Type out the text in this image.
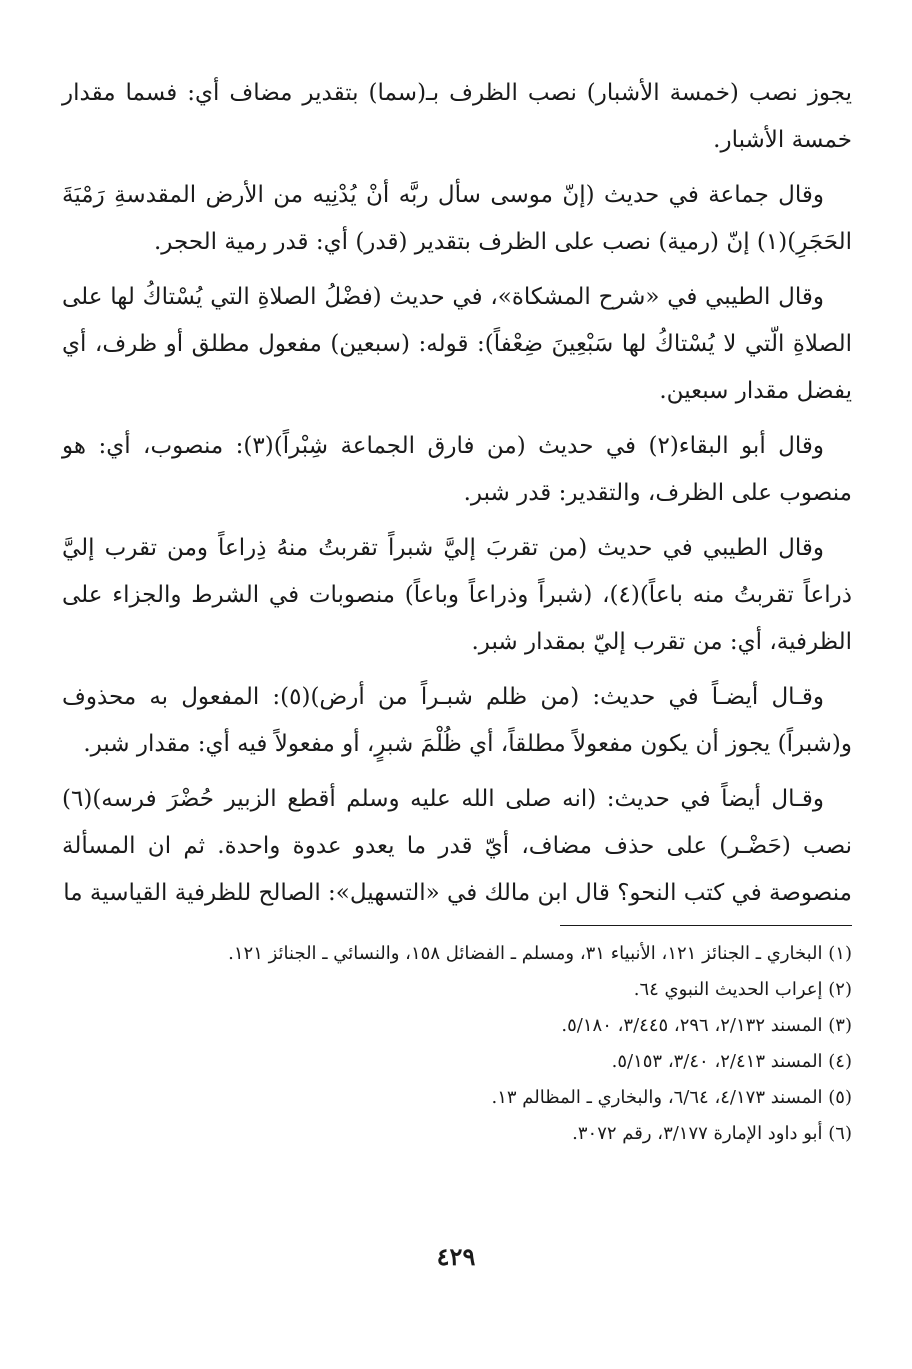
يجوز نصب (خمسة الأشبار) نصب الظرف بـ(سما) بتقدير مضاف أي: فسما مقدار خمسة الأشبار.

وقال جماعة في حديث (إنّ موسى سأل ربَّه أنْ يُدْنِيه من الأرض المقدسةِ رَمْيَةَ الحَجَرِ)(١) إنّ (رمية) نصب على الظرف بتقدير (قدر) أي: قدر رمية الحجر.

وقال الطيبي في «شرح المشكاة»، في حديث (فضْلُ الصلاةِ التي يُسْتاكُ لها على الصلاةِ الّتي لا يُسْتاكُ لها سَبْعِينَ ضِعْفاً): قوله: (سبعين) مفعول مطلق أو ظرف، أي يفضل مقدار سبعين.

وقال أبو البقاء(٢) في حديث (من فارق الجماعة شِبْراً)(٣): منصوب، أي: هو منصوب على الظرف، والتقدير: قدر شبر.

وقال الطيبي في حديث (من تقربَ إليَّ شبراً تقربتُ منهُ ذِراعاً ومن تقرب إليَّ ذراعاً تقربتُ منه باعاً)(٤)، (شبراً وذراعاً وباعاً) منصوبات في الشرط والجزاء على الظرفية، أي: من تقرب إليّ بمقدار شبر.

وقـال أيضـاً في حديث: (من ظلم شبـراً من أرض)(٥): المفعول به محذوف و(شبراً) يجوز أن يكون مفعولاً مطلقاً، أي ظُلْمَ شبرٍ، أو مفعولاً فيه أي: مقدار شبر.

وقـال أيضاً في حديث: (انه صلى الله عليه وسلم أقطع الزبير حُضْرَ فرسه)(٦) نصب (حَضْـر) على حذف مضاف، أيّ قدر ما يعدو عدوة واحدة. ثم ان المسألة منصوصة في كتب النحو؟ قال ابن مالك في «التسهيل»: الصالح للظرفية القياسية ما

(١) البخاري ـ الجنائز ١٢١، الأنبياء ٣١، ومسلم ـ الفضائل ١٥٨، والنسائي ـ الجنائز ١٢١.
(٢) إعراب الحديث النبوي ٦٤.
(٣) المسند ٢/١٣٢، ٢٩٦، ٣/٤٤٥، ٥/١٨٠.
(٤) المسند ٢/٤١٣، ٣/٤٠، ٥/١٥٣.
(٥) المسند ٤/١٧٣، ٦/٦٤، والبخاري ـ المظالم ١٣.
(٦) أبو داود الإمارة ٣/١٧٧، رقم ٣٠٧٢.
٤٢٩
